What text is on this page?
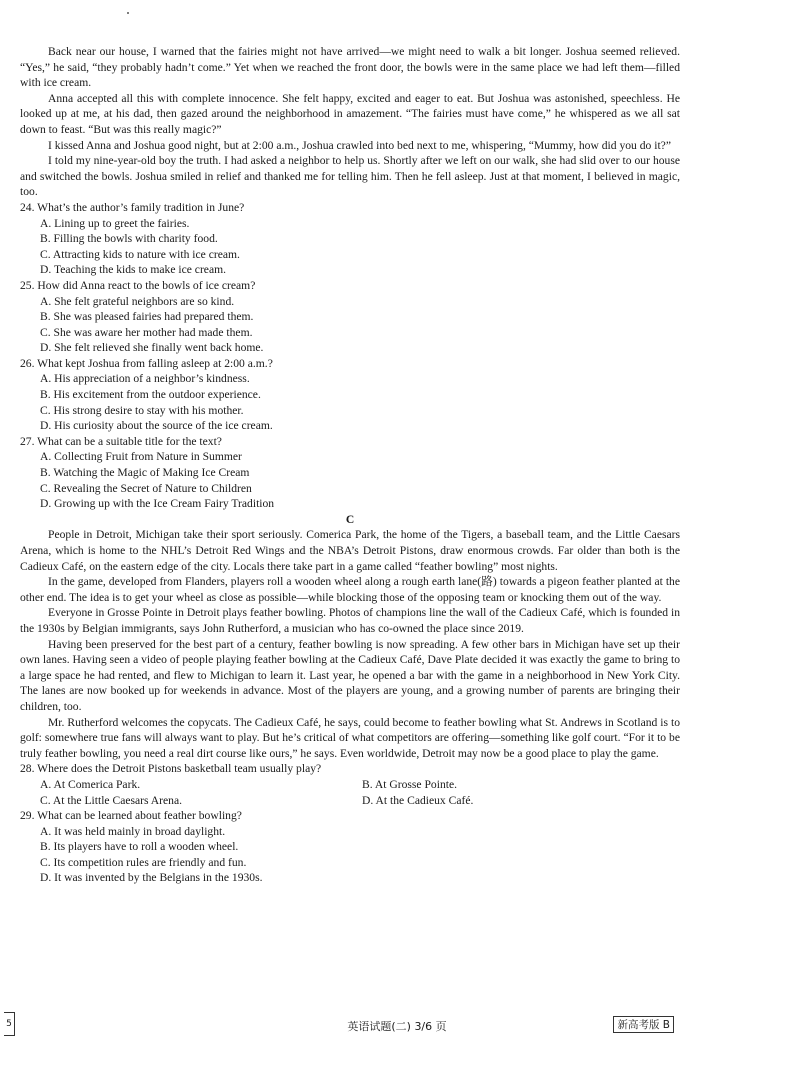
Back near our house, I warned that the fairies might not have arrived—we might need to walk a bit longer. Joshua seemed relieved. “Yes,” he said, “they probably hadn’t come.” Yet when we reached the front door, the bowls were in the same place we had left them—filled with ice cream.

Anna accepted all this with complete innocence. She felt happy, excited and eager to eat. But Joshua was astonished, speechless. He looked up at me, at his dad, then gazed around the neighborhood in amazement. “The fairies must have come,” he whispered as we all sat down to feast. “But was this really magic?”

I kissed Anna and Joshua good night, but at 2:00 a.m., Joshua crawled into bed next to me, whispering, “Mummy, how did you do it?”

I told my nine-year-old boy the truth. I had asked a neighbor to help us. Shortly after we left on our walk, she had slid over to our house and switched the bowls. Joshua smiled in relief and thanked me for telling him. Then he fell asleep. Just at that moment, I believed in magic, too.

24. What’s the author’s family tradition in June?

A. Lining up to greet the fairies.

B. Filling the bowls with charity food.

C. Attracting kids to nature with ice cream.

D. Teaching the kids to make ice cream.

25. How did Anna react to the bowls of ice cream?

A. She felt grateful neighbors are so kind.

B. She was pleased fairies had prepared them.

C. She was aware her mother had made them.

D. She felt relieved she finally went back home.

26. What kept Joshua from falling asleep at 2:00 a.m.?

A. His appreciation of a neighbor’s kindness.

B. His excitement from the outdoor experience.

C. His strong desire to stay with his mother.

D. His curiosity about the source of the ice cream.

27. What can be a suitable title for the text?

A. Collecting Fruit from Nature in Summer

B. Watching the Magic of Making Ice Cream

C. Revealing the Secret of Nature to Children

D. Growing up with the Ice Cream Fairy Tradition

C

People in Detroit, Michigan take their sport seriously. Comerica Park, the home of the Tigers, a baseball team, and the Little Caesars Arena, which is home to the NHL’s Detroit Red Wings and the NBA’s Detroit Pistons, draw enormous crowds. Far older than both is the Cadieux Café, on the eastern edge of the city. Locals there take part in a game called “feather bowling” most nights.

In the game, developed from Flanders, players roll a wooden wheel along a rough earth lane(路) towards a pigeon feather planted at the other end. The idea is to get your wheel as close as possible—while blocking those of the opposing team or knocking them out of the way.

Everyone in Grosse Pointe in Detroit plays feather bowling. Photos of champions line the wall of the Cadieux Café, which is founded in the 1930s by Belgian immigrants, says John Rutherford, a musician who has co-owned the place since 2019.

Having been preserved for the best part of a century, feather bowling is now spreading. A few other bars in Michigan have set up their own lanes. Having seen a video of people playing feather bowling at the Cadieux Café, Dave Plate decided it was exactly the game to bring to a large space he had rented, and flew to Michigan to learn it. Last year, he opened a bar with the game in a neighborhood in New York City. The lanes are now booked up for weekends in advance. Most of the players are young, and a growing number of parents are bringing their children, too.

Mr. Rutherford welcomes the copycats. The Cadieux Café, he says, could become to feather bowling what St. Andrews in Scotland is to golf: somewhere true fans will always want to play. But he’s critical of what competitors are offering—something like golf court. “For it to be truly feather bowling, you need a real dirt course like ours,” he says. Even worldwide, Detroit may now be a good place to play the game.

28. Where does the Detroit Pistons basketball team usually play?

A. At Comerica Park.	B. At Grosse Pointe.

C. At the Little Caesars Arena.	D. At the Cadieux Café.

29. What can be learned about feather bowling?

A. It was held mainly in broad daylight.

B. Its players have to roll a wooden wheel.

C. Its competition rules are friendly and fun.

D. It was invented by the Belgians in the 1930s.

5	英语试题(二) 3/6 页	新高考版 B
